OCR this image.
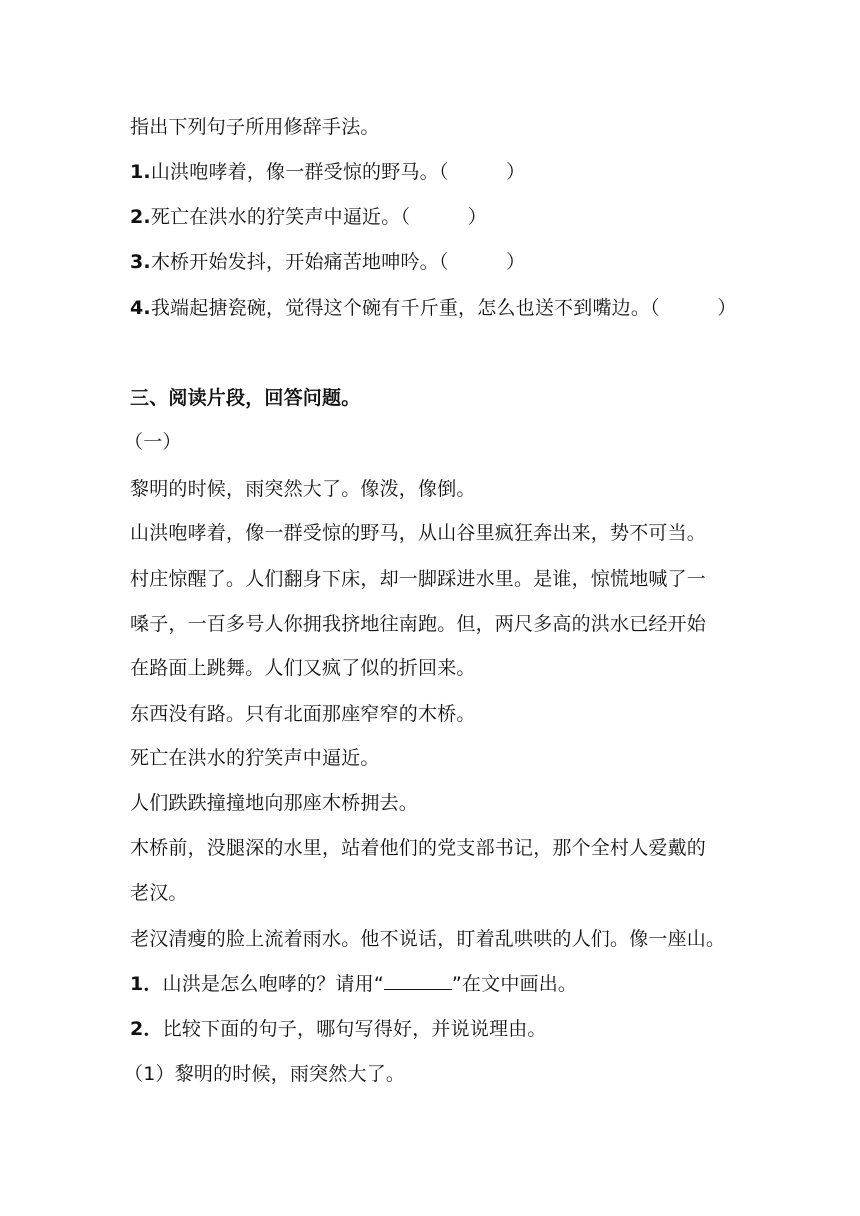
指出下列句子所用修辞手法。
1.山洪咆哮着，像一群受惊的野马。（　　　）
2.死亡在洪水的狞笑声中逼近。（　　　）
3.木桥开始发抖，开始痛苦地呻吟。（　　　）
4.我端起搪瓷碗，觉得这个碗有千斤重，怎么也送不到嘴边。（　　　）
三、阅读片段，回答问题。
（一）
黎明的时候，雨突然大了。像泼，像倒。
山洪咆哮着，像一群受惊的野马，从山谷里疯狂奔出来，势不可当。
村庄惊醒了。人们翻身下床，却一脚踩进水里。是谁，惊慌地喊了一
嗓子，一百多号人你拥我挤地往南跑。但，两尺多高的洪水已经开始
在路面上跳舞。人们又疯了似的折回来。
东西没有路。只有北面那座窄窄的木桥。
死亡在洪水的狞笑声中逼近。
人们跌跌撞撞地向那座木桥拥去。
木桥前，没腿深的水里，站着他们的党支部书记，那个全村人爱戴的
老汉。
老汉清瘦的脸上流着雨水。他不说话，盯着乱哄哄的人们。像一座山。
1．山洪是怎么咆哮的？请用“	”在文中画出。
2．比较下面的句子，哪句写得好，并说说理由。
（1）黎明的时候，雨突然大了。
